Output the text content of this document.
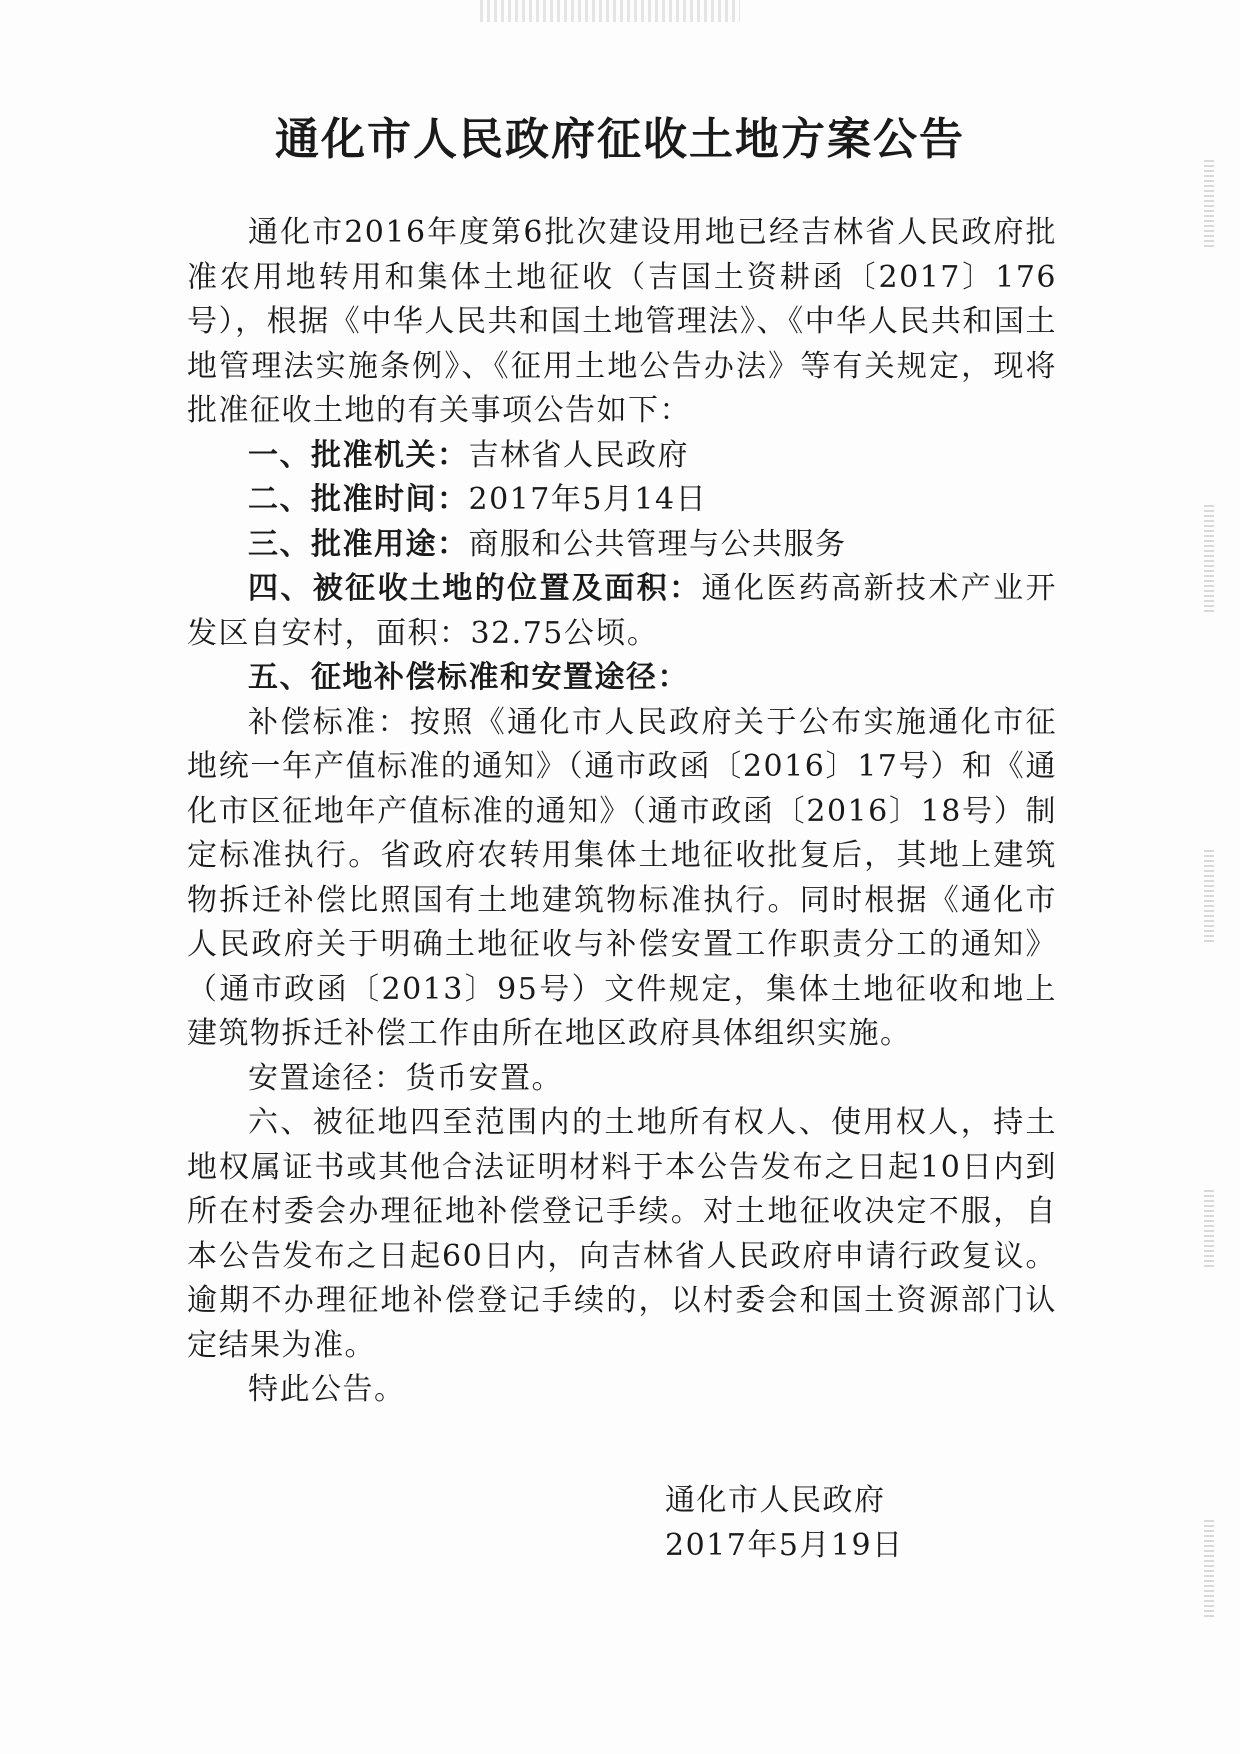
通化市人民政府征收土地方案公告

通化市2016年度第6批次建设用地已经吉林省人民政府批准农用地转用和集体土地征收（吉国土资耕函〔2017〕176号），根据《中华人民共和国土地管理法》、《中华人民共和国土地管理法实施条例》、《征用土地公告办法》等有关规定，现将批准征收土地的有关事项公告如下：

一、批准机关：吉林省人民政府

二、批准时间：2017年5月14日

三、批准用途：商服和公共管理与公共服务

四、被征收土地的位置及面积：通化医药高新技术产业开发区自安村，面积：32.75公顷。

五、征地补偿标准和安置途径：

补偿标准：按照《通化市人民政府关于公布实施通化市征地统一年产值标准的通知》（通市政函〔2016〕17号）和《通化市区征地年产值标准的通知》（通市政函〔2016〕18号）制定标准执行。省政府农转用集体土地征收批复后，其地上建筑物拆迁补偿比照国有土地建筑物标准执行。同时根据《通化市人民政府关于明确土地征收与补偿安置工作职责分工的通知》（通市政函〔2013〕95号）文件规定，集体土地征收和地上建筑物拆迁补偿工作由所在地区政府具体组织实施。

安置途径：货币安置。

六、被征地四至范围内的土地所有权人、使用权人，持土地权属证书或其他合法证明材料于本公告发布之日起10日内到所在村委会办理征地补偿登记手续。对土地征收决定不服，自本公告发布之日起60日内，向吉林省人民政府申请行政复议。逾期不办理征地补偿登记手续的，以村委会和国土资源部门认定结果为准。

特此公告。

通化市人民政府
2017年5月19日
